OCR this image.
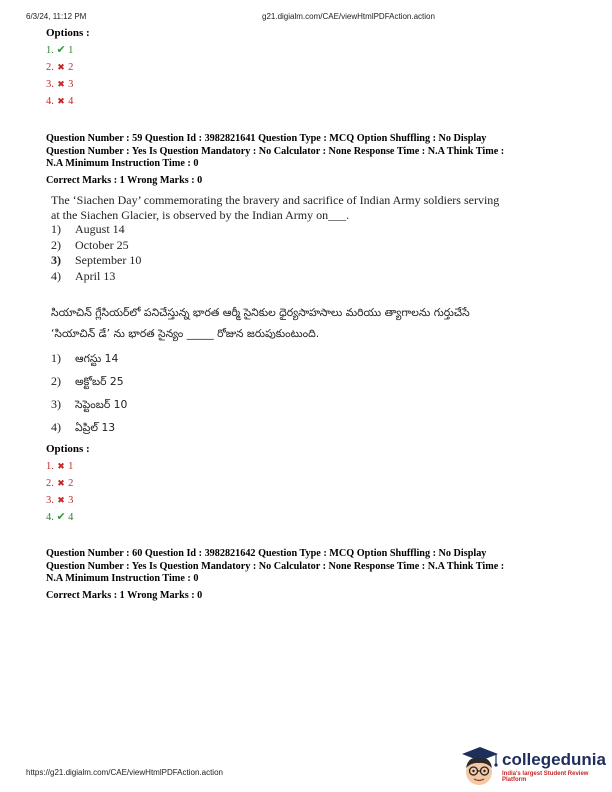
6/3/24, 11:12 PM	g21.digialm.com/CAE/viewHtmlPDFAction.action
Options :
1. ✔ 1
2. ✖ 2
3. ✖ 3
4. ✖ 4
Question Number : 59 Question Id : 3982821641 Question Type : MCQ Option Shuffling : No Display
Question Number : Yes Is Question Mandatory : No Calculator : None Response Time : N.A Think Time :
N.A Minimum Instruction Time : 0
Correct Marks : 1 Wrong Marks : 0
The ‘Siachen Day’ commemorating the bravery and sacrifice of Indian Army soldiers serving
at the Siachen Glacier, is observed by the Indian Army on___.
1) August 14
2) October 25
3) September 10
4) April 13
సియాచిన్ గ్లేసియర్‌లో పనిచేస్తున్న భారత ఆర్మీ సైనికుల ధైర్యసాహసాలు మరియు త్యాగాలను గుర్తుచేసే
‘సియాచిన్ డే’ ను భారత సైన్యం _____ రోజున జరుపుకుంటుంది.
1) ఆగస్టు 14
2) అక్టోబర్ 25
3) సెప్టెంబర్ 10
4) ఏప్రిల్ 13
Options :
1. ✖ 1
2. ✖ 2
3. ✖ 3
4. ✔ 4
Question Number : 60 Question Id : 3982821642 Question Type : MCQ Option Shuffling : No Display
Question Number : Yes Is Question Mandatory : No Calculator : None Response Time : N.A Think Time :
N.A Minimum Instruction Time : 0
Correct Marks : 1 Wrong Marks : 0
https://g21.digialm.com/CAE/viewHtmlPDFAction.action
collegedunia
India's largest Student Review Platform
